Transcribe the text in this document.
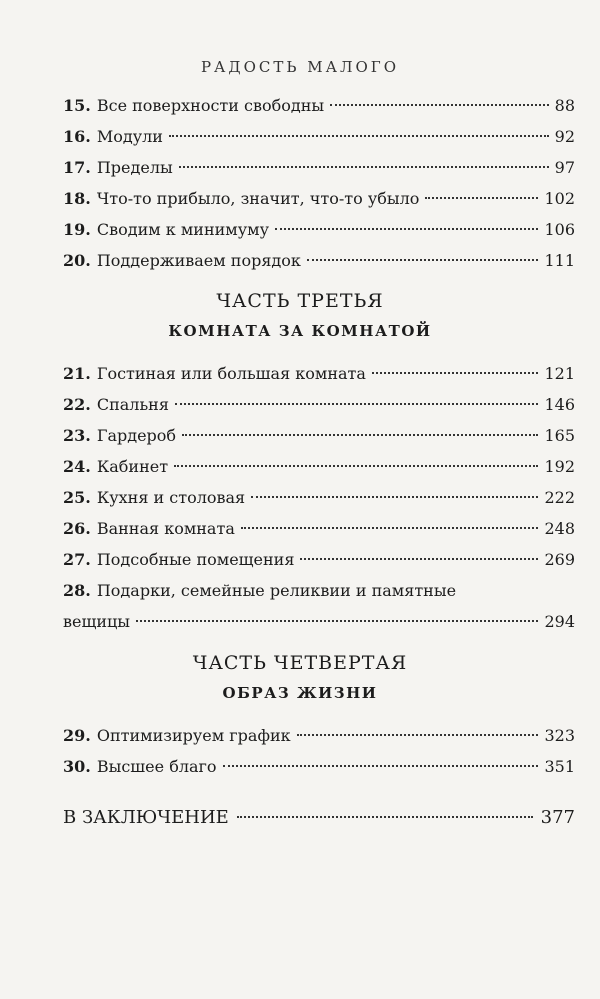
РАДОСТЬ МАЛОГО
15. Все поверхности свободны	88
16. Модули	92
17. Пределы	97
18. Что-то прибыло, значит, что-то убыло	102
19. Сводим к минимуму	106
20. Поддерживаем порядок	111
ЧАСТЬ ТРЕТЬЯ
КОМНАТА ЗА КОМНАТОЙ
21. Гостиная или большая комната	121
22. Спальня	146
23. Гардероб	165
24. Кабинет	192
25. Кухня и столовая	222
26. Ванная комната	248
27. Подсобные помещения	269
28. Подарки, семейные реликвии и памятные
вещицы	294
ЧАСТЬ ЧЕТВЕРТАЯ
ОБРАЗ ЖИЗНИ
29. Оптимизируем график	323
30. Высшее благо	351
В ЗАКЛЮЧЕНИЕ	377
